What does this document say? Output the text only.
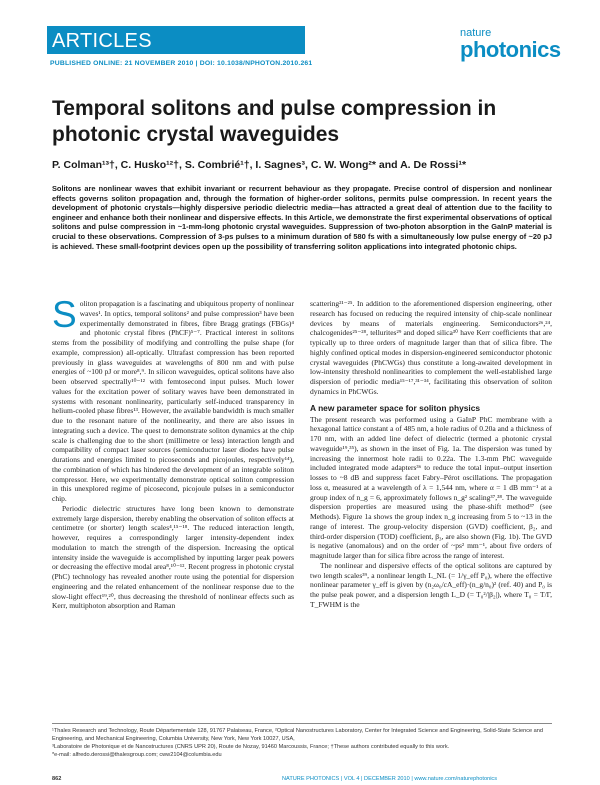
ARTICLES
PUBLISHED ONLINE: 21 NOVEMBER 2010 | DOI: 10.1038/NPHOTON.2010.261
nature
photonics
Temporal solitons and pulse compression in photonic crystal waveguides
P. Colman¹³†, C. Husko¹²†, S. Combrié¹†, I. Sagnes³, C. W. Wong²* and A. De Rossi¹*
Solitons are nonlinear waves that exhibit invariant or recurrent behaviour as they propagate. Precise control of dispersion and nonlinear effects governs soliton propagation and, through the formation of higher-order solitons, permits pulse compression. In recent years the development of photonic crystals—highly dispersive periodic dielectric media—has attracted a great deal of attention due to the facility to engineer and enhance both their nonlinear and dispersive effects. In this Article, we demonstrate the first experimental observations of optical solitons and pulse compression in ~1-mm-long photonic crystal waveguides. Suppression of two-photon absorption in the GaInP material is crucial to these observations. Compression of 3-ps pulses to a minimum duration of 580 fs with a simultaneously low pulse energy of ~20 pJ is achieved. These small-footprint devices open up the possibility of transferring soliton applications into integrated photonic chips.

Soliton propagation is a fascinating and ubiquitous property of nonlinear waves¹. In optics, temporal solitons² and pulse compression³ have been experimentally demonstrated in fibres, fibre Bragg gratings (FBGs)⁴ and photonic crystal fibres (PhCF)⁵⁻⁷. Practical interest in solitons stems from the possibility of modifying and controlling the pulse shape (for example, compression) all-optically. Ultrafast compression has been reported previously in glass waveguides at wavelengths of 800 nm and with pulse energies of ~100 pJ or more⁸,⁹. In silicon waveguides, optical solitons have also been observed spectrally¹⁰⁻¹² with femtosecond input pulses. Much lower values for the excitation power of solitary waves have been demonstrated in systems with resonant nonlinearity, particularly self-induced transparency in helium-cooled phase fibres¹³. However, the available bandwidth is much smaller due to the resonant nature of the nonlinearity, and there are also issues in integrating such a device. The quest to demonstrate soliton dynamics at the chip scale is challenging due to the short (millimetre or less) interaction length and compatibility of compact laser sources (semiconductor laser diodes have pulse durations and energies limited to picoseconds and picojoules, respectively¹⁴), the combination of which has hindered the development of an integrable soliton compressor. Here, we experimentally demonstrate optical soliton compression in this unexplored regime of picosecond, picojoule pulses in a semiconductor chip.

Periodic dielectric structures have long been known to demonstrate extremely large dispersion, thereby enabling the observation of soliton effects at centimetre (or shorter) length scales⁴,¹⁵⁻¹⁸. The reduced interaction length, however, requires a correspondingly larger intensity-dependent index modulation to match the strength of the dispersion. Increasing the optical intensity inside the waveguide is accomplished by inputting larger peak powers or decreasing the effective modal area⁸,¹⁰⁻¹². Recent progress in photonic crystal (PhC) technology has revealed another route using the potential for dispersion engineering and the related enhancement of the nonlinear response due to the slow-light effect¹⁹,²⁰, thus decreasing the threshold of nonlinear effects such as Kerr, multiphoton absorption and Raman

scattering²¹⁻²⁵. In addition to the aforementioned dispersion engineering, other research has focused on reducing the required intensity of chip-scale nonlinear devices by means of materials engineering. Semiconductors²⁶,²⁴, chalcogenides²⁵⁻²⁸, tellurites²⁹ and doped silica³⁰ have Kerr coefficients that are typically up to three orders of magnitude larger than that of silica fibre. The highly confined optical modes in dispersion-engineered semiconductor photonic crystal waveguides (PhCWGs) thus constitute a long-awaited development in low-intensity threshold nonlinearities to complement the well-established large dispersion of periodic media¹⁵⁻¹⁷,³¹⁻³⁴, facilitating this observation of soliton dynamics in PhCWGs.

A new parameter space for soliton physics

The present research was performed using a GaInP PhC membrane with a hexagonal lattice constant a of 485 nm, a hole radius of 0.20a and a thickness of 170 nm, with an added line defect of dielectric (termed a photonic crystal waveguide¹⁹,³⁵), as shown in the inset of Fig. 1a. The dispersion was tuned by increasing the innermost hole radii to 0.22a. The 1.3-mm PhC waveguide included integrated mode adapters³⁶ to reduce the total input–output insertion losses to ~8 dB and suppress facet Fabry–Pérot oscillations. The propagation loss α, measured at a wavelength of λ = 1,544 nm, where α = 1 dB mm⁻¹ at a group index of n_g = 6, approximately follows n_g² scaling³⁷,³⁸. The waveguide dispersion properties are measured using the phase-shift method³⁷ (see Methods). Figure 1a shows the group index n_g increasing from 5 to ~13 in the range of interest. The group-velocity dispersion (GVD) coefficient, β₂, and third-order dispersion (TOD) coefficient, β₃, are also shown (Fig. 1b). The GVD is negative (anomalous) and on the order of ~ps² mm⁻¹, about five orders of magnitude larger than for silica fibre across the range of interest.

The nonlinear and dispersive effects of the optical solitons are captured by two length scales³⁹, a nonlinear length L_NL (= 1/γ_eff P₀), where the effective nonlinear parameter γ_eff is given by (n₂ω₀/cA_eff)·(n_g/n₀)² (ref. 40) and P₀ is the pulse peak power, and a dispersion length L_D (= T₀²/|β₂|), where T₀ = T/Γ, T_FWHM is the

¹Thales Research and Technology, Route Départementale 128, 91767 Palaiseau, France, ²Optical Nanostructures Laboratory, Center for Integrated Science and Engineering, Solid-State Science and Engineering, and Mechanical Engineering, Columbia University, New York, New York 10027, USA,

³Laboratoire de Photonique et de Nanostructures (CNRS UPR 20), Route de Nozay, 91460 Marcoussis, France; †These authors contributed equally to this work.

*e-mail: alfredo.derossi@thalesgroup.com; cww2104@columbia.edu

862	NATURE PHOTONICS | VOL 4 | DECEMBER 2010 | www.nature.com/naturephotonics
